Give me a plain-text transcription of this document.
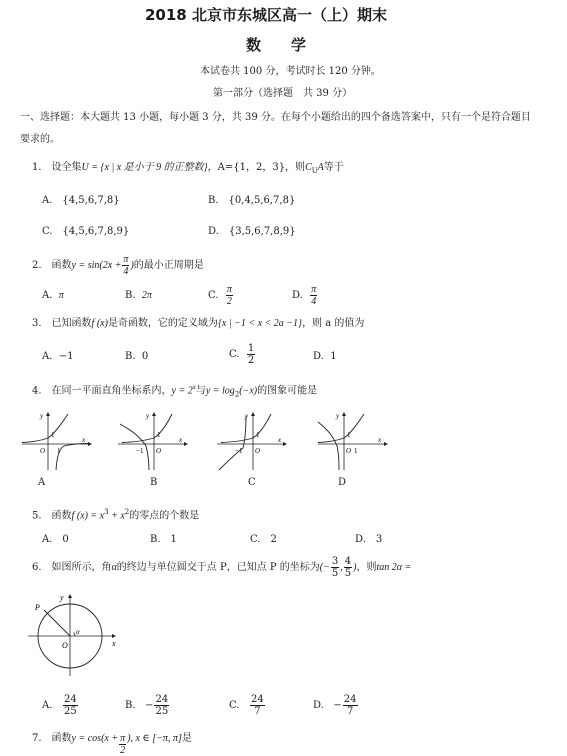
2018 北京市东城区高一（上）期末
数学
本试卷共 100 分，考试时长 120 分钟。
第一部分（选择题　共 39 分）
一、选择题：本大题共 13 小题，每小题 3 分，共 39 分。在每个小题给出的四个备选答案中，只有一个是符合题目
要求的。
1.　设全集U = {x | x 是小于 9 的正整数}，A={1，2，3}，则$C_UA$等于
A.　{4,5,6,7,8}	B.　{0,4,5,6,7,8}
C.　{4,5,6,7,8,9}	D.　{3,5,6,7,8,9}
2.　函数 $y = \sin(2x + \frac{\pi}{4}$ ) 的最小正周期是
A. π	B. 2π	C.
$\frac{\pi}{2}$	D.
$\frac{\pi}{4}$
3.　已知函数f (x)是奇函数，它的定义域为{x | −1 < x < 2a −1}，则 a 的值为
A. −1	B. 0	C.
$\frac{1}{2}$	D. 1
4.　在同一平面直角坐标系内，$y = 2^x$与$y = \log_2(-x)$的图象可能是
x
y
O
1
1
x
y
O
1
−1
x
y
O
1
−1
x
y
O
1
1
A	B	C	D
5.　函数f $(x) = x^3 + x^2$的零点的个数是
A.　0	B.　1	C.　2	D.　3
6.　如图所示，角 α 的终边与单位圆交于点 P，已知点 P 的坐标为 (− $\frac{3}{5}$ , $\frac{4}{5}$ ) ，则 tan 2α =
P
O	x
y
α
A.
$\frac{24}{25}$	B.
− $\frac{24}{25}$	C.
$\frac{24}{7}$	D.
− $\frac{24}{7}$
7.　函数 $y = \cos(x + \frac{\pi}{2}$ ), x ∈ [−π, π] 是
